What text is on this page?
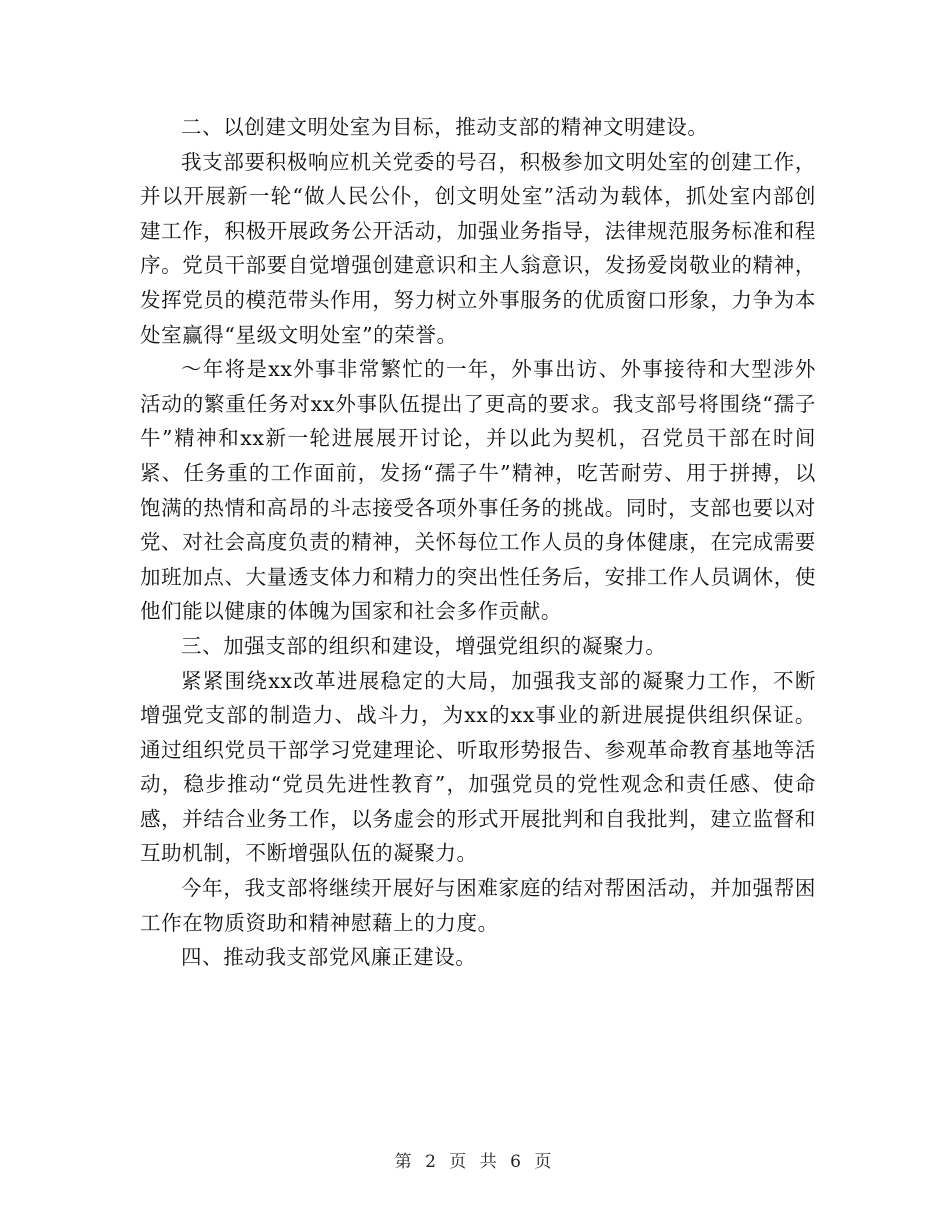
二、以创建文明处室为目标，推动支部的精神文明建设。

我支部要积极响应机关党委的号召，积极参加文明处室的创建工作，并以开展新一轮“做人民公仆，创文明处室”活动为载体，抓处室内部创建工作，积极开展政务公开活动，加强业务指导，法律规范服务标准和程序。党员干部要自觉增强创建意识和主人翁意识，发扬爱岗敬业的精神，发挥党员的模范带头作用，努力树立外事服务的优质窗口形象，力争为本处室赢得“星级文明处室”的荣誉。

～年将是xx外事非常繁忙的一年，外事出访、外事接待和大型涉外活动的繁重任务对xx外事队伍提出了更高的要求。我支部号将围绕“孺子牛”精神和xx新一轮进展展开讨论，并以此为契机，召党员干部在时间紧、任务重的工作面前，发扬“孺子牛”精神，吃苦耐劳、用于拼搏，以饱满的热情和高昂的斗志接受各项外事任务的挑战。同时，支部也要以对党、对社会高度负责的精神，关怀每位工作人员的身体健康，在完成需要加班加点、大量透支体力和精力的突出性任务后，安排工作人员调休，使他们能以健康的体魄为国家和社会多作贡献。

三、加强支部的组织和建设，增强党组织的凝聚力。

紧紧围绕xx改革进展稳定的大局，加强我支部的凝聚力工作，不断增强党支部的制造力、战斗力，为xx的xx事业的新进展提供组织保证。通过组织党员干部学习党建理论、听取形势报告、参观革命教育基地等活动，稳步推动“党员先进性教育”，加强党员的党性观念和责任感、使命感，并结合业务工作，以务虚会的形式开展批判和自我批判，建立监督和互助机制，不断增强队伍的凝聚力。

今年，我支部将继续开展好与困难家庭的结对帮困活动，并加强帮困工作在物质资助和精神慰藉上的力度。

四、推动我支部党风廉正建设。

第 2 页 共 6 页
